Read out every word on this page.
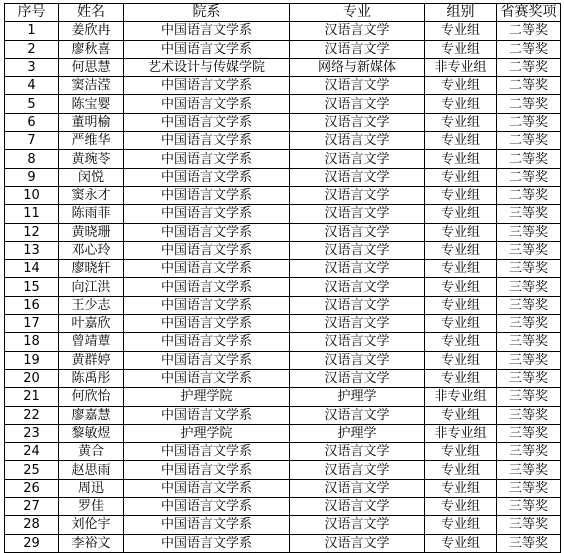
序号	姓名	院系	专业	组别	省赛奖项
1	姜欣冉	中国语言文学系	汉语言文学	专业组	二等奖
2	廖秋喜	中国语言文学系	汉语言文学	专业组	二等奖
3	何思慧	艺术设计与传媒学院	网络与新媒体	非专业组	二等奖
4	窦洁滢	中国语言文学系	汉语言文学	专业组	二等奖
5	陈宝婴	中国语言文学系	汉语言文学	专业组	二等奖
6	董明榆	中国语言文学系	汉语言文学	专业组	二等奖
7	严维华	中国语言文学系	汉语言文学	专业组	二等奖
8	黄琬苓	中国语言文学系	汉语言文学	专业组	二等奖
9	闵悦	中国语言文学系	汉语言文学	专业组	二等奖
10	窦永才	中国语言文学系	汉语言文学	专业组	二等奖
11	陈雨菲	中国语言文学系	汉语言文学	专业组	三等奖
12	黄晓珊	中国语言文学系	汉语言文学	专业组	三等奖
13	邓心玲	中国语言文学系	汉语言文学	专业组	三等奖
14	廖晓轩	中国语言文学系	汉语言文学	专业组	三等奖
15	向江洪	中国语言文学系	汉语言文学	专业组	三等奖
16	王少志	中国语言文学系	汉语言文学	专业组	三等奖
17	叶嘉欣	中国语言文学系	汉语言文学	专业组	三等奖
18	曾靖蕈	中国语言文学系	汉语言文学	专业组	三等奖
19	黄群婷	中国语言文学系	汉语言文学	专业组	三等奖
20	陈禹彤	中国语言文学系	汉语言文学	专业组	三等奖
21	何欣怡	护理学院	护理学	非专业组	三等奖
22	廖嘉慧	中国语言文学系	汉语言文学	专业组	三等奖
23	黎敏煜	护理学院	护理学	非专业组	三等奖
24	黄合	中国语言文学系	汉语言文学	专业组	三等奖
25	赵思雨	中国语言文学系	汉语言文学	专业组	三等奖
26	周迅	中国语言文学系	汉语言文学	专业组	三等奖
27	罗佳	中国语言文学系	汉语言文学	专业组	三等奖
28	刘伦宇	中国语言文学系	汉语言文学	专业组	三等奖
29	李裕文	中国语言文学系	汉语言文学	专业组	三等奖
